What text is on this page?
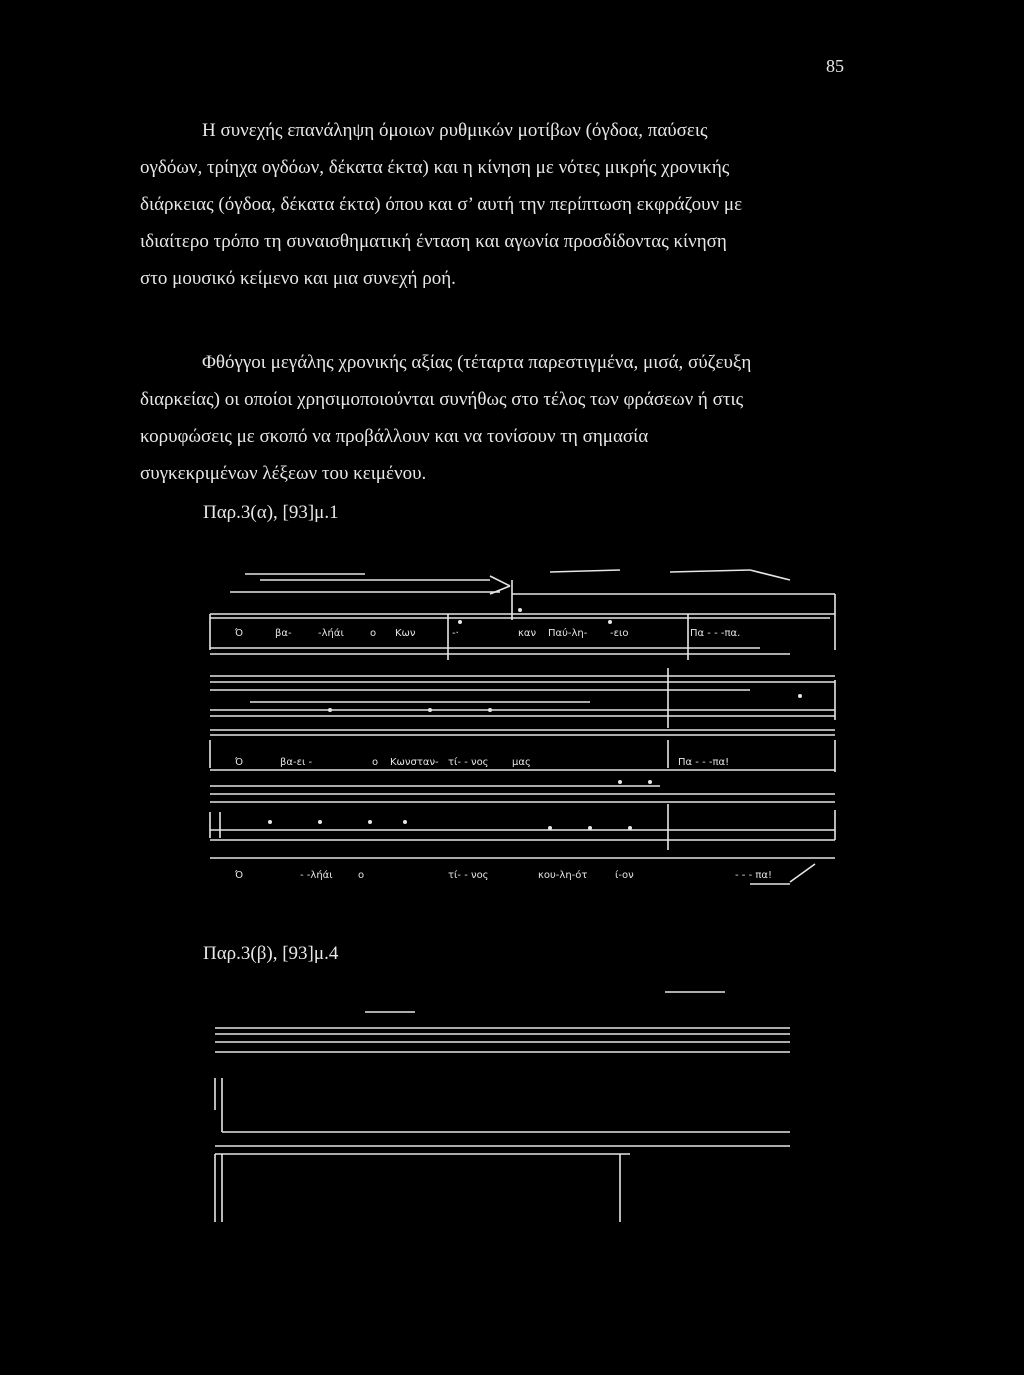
85

Η συνεχής επανάληψη όμοιων ρυθμικών μοτίβων (όγδοα, παύσεις
ογδόων, τρίηχα ογδόων, δέκατα έκτα) και η κίνηση με νότες μικρής χρονικής
διάρκειας (όγδοα, δέκατα έκτα) όπου και σ’ αυτή την περίπτωση εκφράζουν με
ιδιαίτερο τρόπο τη συναισθηματική ένταση και αγωνία προσδίδοντας κίνηση
στο μουσικό κείμενο και μια συνεχή ροή.

Φθόγγοι μεγάλης χρονικής αξίας (τέταρτα παρεστιγμένα, μισά, σύζευξη
διαρκείας) οι οποίοι χρησιμοποιούνται συνήθως στο τέλος των φράσεων ή στις
κορυφώσεις με σκοπό να προβάλλουν και να τονίσουν τη σημασία
συγκεκριμένων λέξεων του κειμένου.

Παρ.3(α), [93]μ.1
Ό	βα-	-λήάι	ο Κων	-·	καν Παύ-λη- -ειο	Πα - - -πα.
Ό	βα-ει -	ο Κωνσταν- τί- - νος μας	Πα - - -πα!
Ό	- -λήάι	ο	τί- - νος	κου-λη-ότ	ί-ον	- - - πα!
Παρ.3(β), [93]μ.4
